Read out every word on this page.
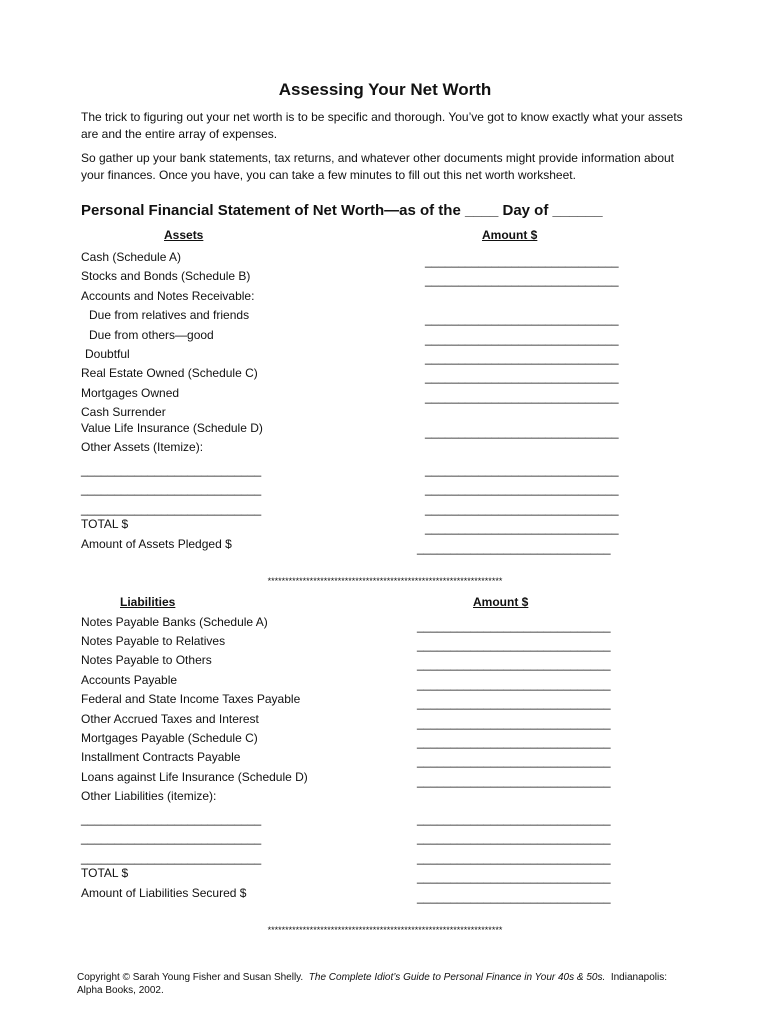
Assessing Your Net Worth
The trick to figuring out your net worth is to be specific and thorough. You’ve got to know exactly what your assets are and the entire array of expenses.
So gather up your bank statements, tax returns, and whatever other documents might provide information about your finances. Once you have, you can take a few minutes to fill out this net worth worksheet.
Personal Financial Statement of Net Worth—as of the ____ Day of ______
Assets	Amount $
Cash (Schedule A)	_____________________________
Stocks and Bonds (Schedule B)	_____________________________
Accounts and Notes Receivable:
Due from relatives and friends	_____________________________
Due from others—good	_____________________________
Doubtful	_____________________________
Real Estate Owned (Schedule C)	_____________________________
Mortgages Owned	_____________________________
Cash Surrender
Value Life Insurance (Schedule D)	_____________________________
Other Assets (Itemize):
___________________________	_____________________________
___________________________	_____________________________
___________________________	_____________________________
TOTAL $	_____________________________
Amount of Assets Pledged $	_____________________________
*******************************************************************
Liabilities	Amount $
Notes Payable Banks (Schedule A)	_____________________________
Notes Payable to Relatives	_____________________________
Notes Payable to Others	_____________________________
Accounts Payable	_____________________________
Federal and State Income Taxes Payable	_____________________________
Other Accrued Taxes and Interest	_____________________________
Mortgages Payable (Schedule C)	_____________________________
Installment Contracts Payable	_____________________________
Loans against Life Insurance (Schedule D)	_____________________________
Other Liabilities (itemize):
___________________________	_____________________________
___________________________	_____________________________
___________________________	_____________________________
TOTAL $	_____________________________
Amount of Liabilities Secured $	_____________________________
*******************************************************************
Copyright © Sarah Young Fisher and Susan Shelly. The Complete Idiot’s Guide to Personal Finance in Your 40s & 50s. Indianapolis: Alpha Books, 2002.
